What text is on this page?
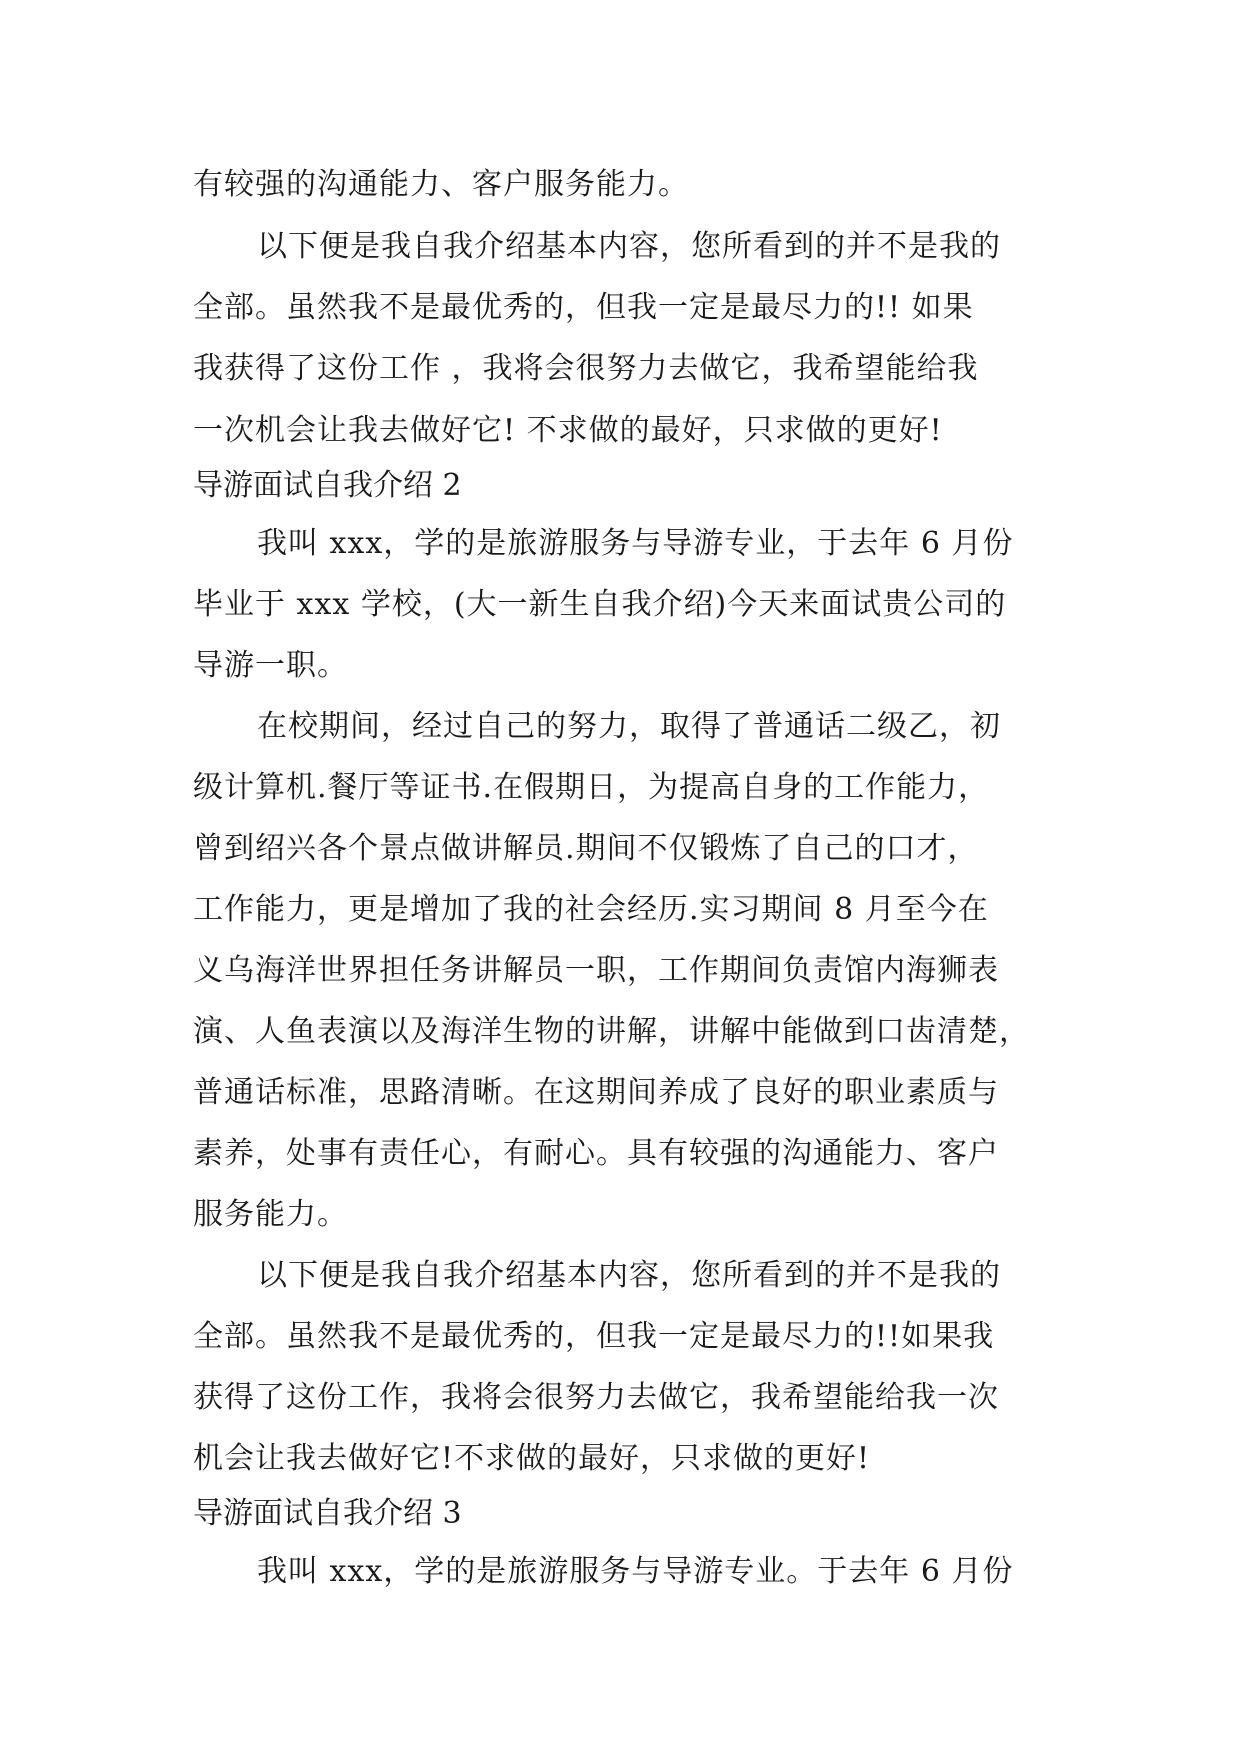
有较强的沟通能力、客户服务能力。
以下便是我自我介绍基本内容，您所看到的并不是我的
全部。虽然我不是最优秀的，但我一定是最尽力的!! 如果
我获得了这份工作 ，我将会很努力去做它，我希望能给我
一次机会让我去做好它! 不求做的最好，只求做的更好!
导游面试自我介绍 2
我叫 xxx，学的是旅游服务与导游专业，于去年 6 月份
毕业于 xxx 学校，(大一新生自我介绍)今天来面试贵公司的
导游一职。
在校期间，经过自己的努力，取得了普通话二级乙，初
级计算机.餐厅等证书.在假期日，为提高自身的工作能力，
曾到绍兴各个景点做讲解员.期间不仅锻炼了自己的口才，
工作能力，更是增加了我的社会经历.实习期间 8 月至今在
义乌海洋世界担任务讲解员一职，工作期间负责馆内海狮表
演、人鱼表演以及海洋生物的讲解，讲解中能做到口齿清楚，
普通话标准，思路清晰。在这期间养成了良好的职业素质与
素养，处事有责任心，有耐心。具有较强的沟通能力、客户
服务能力。
以下便是我自我介绍基本内容，您所看到的并不是我的
全部。虽然我不是最优秀的，但我一定是最尽力的!!如果我
获得了这份工作，我将会很努力去做它，我希望能给我一次
机会让我去做好它!不求做的最好，只求做的更好!
导游面试自我介绍 3
我叫 xxx，学的是旅游服务与导游专业。于去年 6 月份
